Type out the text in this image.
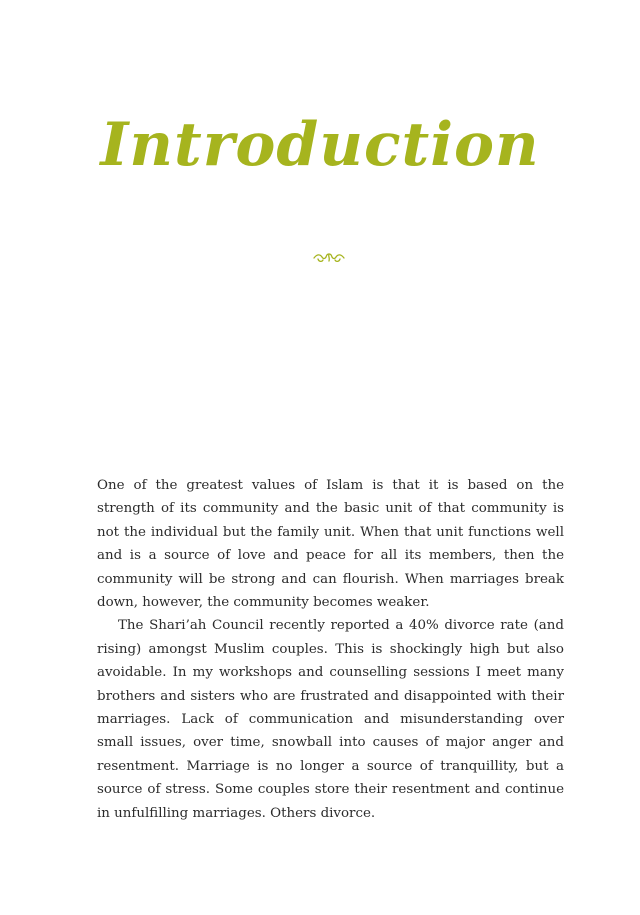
Introduction

One of the greatest values of Islam is that it is based on the strength of its community and the basic unit of that community is not the individual but the family unit. When that unit functions well and is a source of love and peace for all its members, then the community will be strong and can flourish. When marriages break down, however, the community becomes weaker.

The Shari’ah Council recently reported a 40% divorce rate (and rising) amongst Muslim couples. This is shockingly high but also avoidable. In my workshops and counselling sessions I meet many brothers and sisters who are frustrated and disappointed with their marriages. Lack of communication and misunderstanding over small issues, over time, snowball into causes of major anger and resentment. Marriage is no longer a source of tranquillity, but a source of stress. Some couples store their resentment and continue in unfulfilling marriages. Others divorce.
